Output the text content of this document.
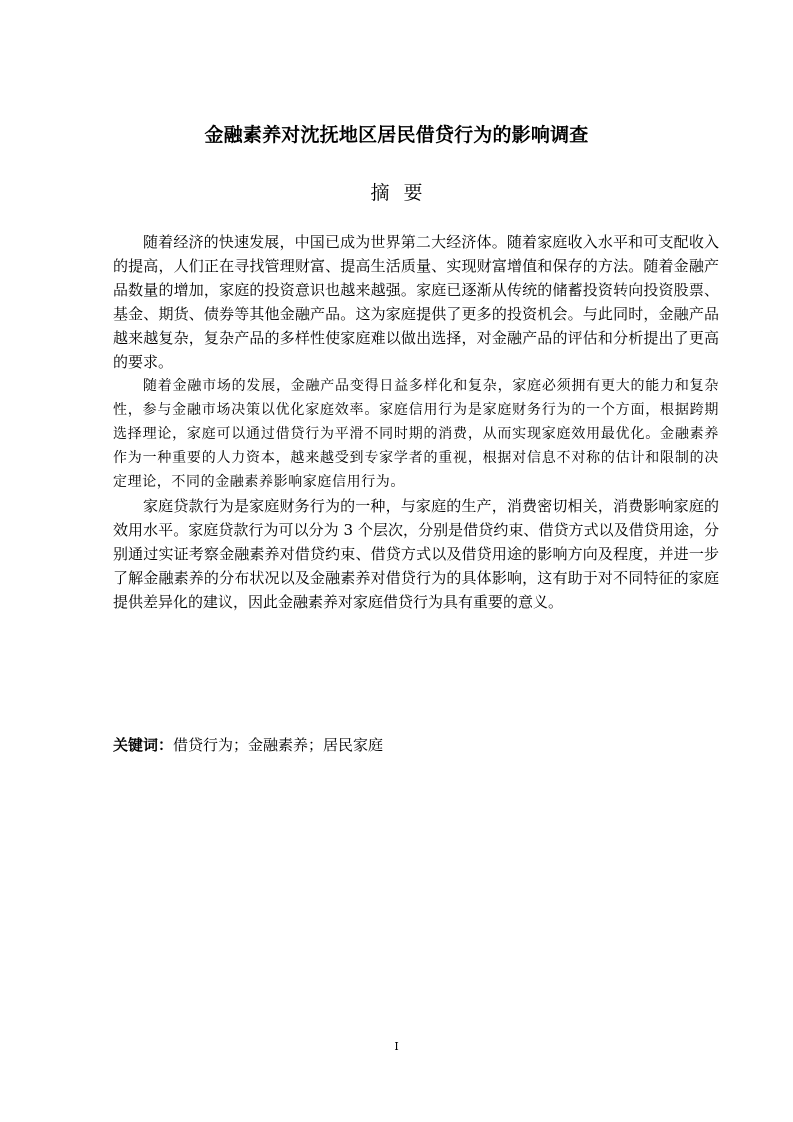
金融素养对沈抚地区居民借贷行为的影响调查
摘要

随着经济的快速发展，中国已成为世界第二大经济体。随着家庭收入水平和可支配收入的提高，人们正在寻找管理财富、提高生活质量、实现财富增值和保存的方法。随着金融产品数量的增加，家庭的投资意识也越来越强。家庭已逐渐从传统的储蓄投资转向投资股票、基金、期货、债券等其他金融产品。这为家庭提供了更多的投资机会。与此同时，金融产品越来越复杂，复杂产品的多样性使家庭难以做出选择，对金融产品的评估和分析提出了更高的要求。

随着金融市场的发展，金融产品变得日益多样化和复杂，家庭必须拥有更大的能力和复杂性，参与金融市场决策以优化家庭效率。家庭信用行为是家庭财务行为的一个方面，根据跨期选择理论，家庭可以通过借贷行为平滑不同时期的消费，从而实现家庭效用最优化。金融素养作为一种重要的人力资本，越来越受到专家学者的重视，根据对信息不对称的估计和限制的决定理论，不同的金融素养影响家庭信用行为。

家庭贷款行为是家庭财务行为的一种，与家庭的生产，消费密切相关，消费影响家庭的效用水平。家庭贷款行为可以分为 3 个层次，分别是借贷约束、借贷方式以及借贷用途，分别通过实证考察金融素养对借贷约束、借贷方式以及借贷用途的影响方向及程度，并进一步了解金融素养的分布状况以及金融素养对借贷行为的具体影响，这有助于对不同特征的家庭提供差异化的建议，因此金融素养对家庭借贷行为具有重要的意义。

关键词：借贷行为；金融素养；居民家庭
I
